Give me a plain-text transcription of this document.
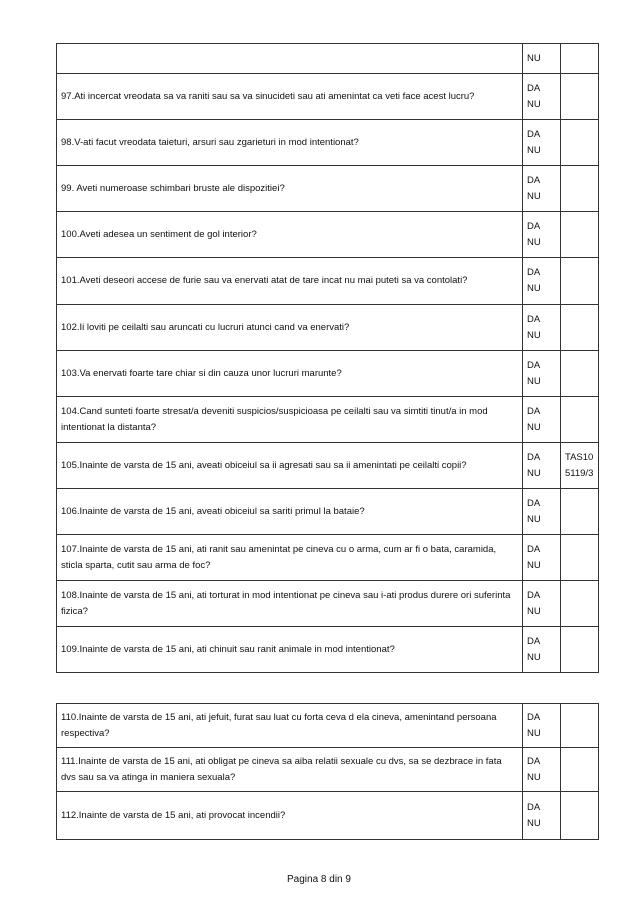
	NU	

97.Ati incercat vreodata sa va raniti sau sa va sinucideti sau ati amenintat ca veti face acest lucru?	DA
NU	

98.V-ati facut vreodata taieturi, arsuri sau zgarieturi in mod intentionat?	DA
NU	

99. Aveti numeroase schimbari bruste ale dispozitiei?	DA
NU	

100.Aveti adesea un sentiment de gol interior?	DA
NU	

101.Aveti deseori accese de furie sau va enervati atat de tare incat nu mai puteti sa va contolati?	DA
NU	

102.Ii loviti pe ceilalti sau aruncati cu lucruri atunci cand va enervati?	DA
NU	

103.Va enervati foarte tare chiar si din cauza unor lucruri marunte?	DA
NU	

104.Cand sunteti foarte stresat/a deveniti suspicios/suspicioasa pe ceilalti sau va simtiti tinut/a in mod intentionat la distanta?	DA
NU	

105.Inainte de varsta de 15 ani, aveati obiceiul sa ii agresati sau sa ii amenintati pe ceilalti copii?	DA
NU	TAS10 5119/3
106.Inainte de varsta de 15 ani, aveati obiceiul sa sariti primul la bataie?	DA
NU	

107.Inainte de varsta de 15 ani, ati ranit sau amenintat pe cineva cu o arma, cum ar fi o bata, caramida, sticla sparta, cutit sau arma de foc?	DA
NU	

108.Inainte de varsta de 15 ani, ati torturat in mod intentionat pe cineva sau i-ati produs durere ori suferinta fizica?	DA
NU	

109.Inainte de varsta de 15 ani, ati chinuit sau ranit animale in mod intentionat?	DA
NU	

110.Inainte de varsta de 15 ani, ati jefuit, furat sau luat cu forta ceva d ela cineva, amenintand persoana respectiva?	DA
NU	

111.Inainte de varsta de 15 ani, ati obligat pe cineva sa aiba relatii sexuale cu dvs, sa se dezbrace in fata dvs sau sa va atinga in maniera sexuala?	DA
NU	

112.Inainte de varsta de 15 ani, ati provocat incendii?	DA
NU	

Pagina 8 din 9
